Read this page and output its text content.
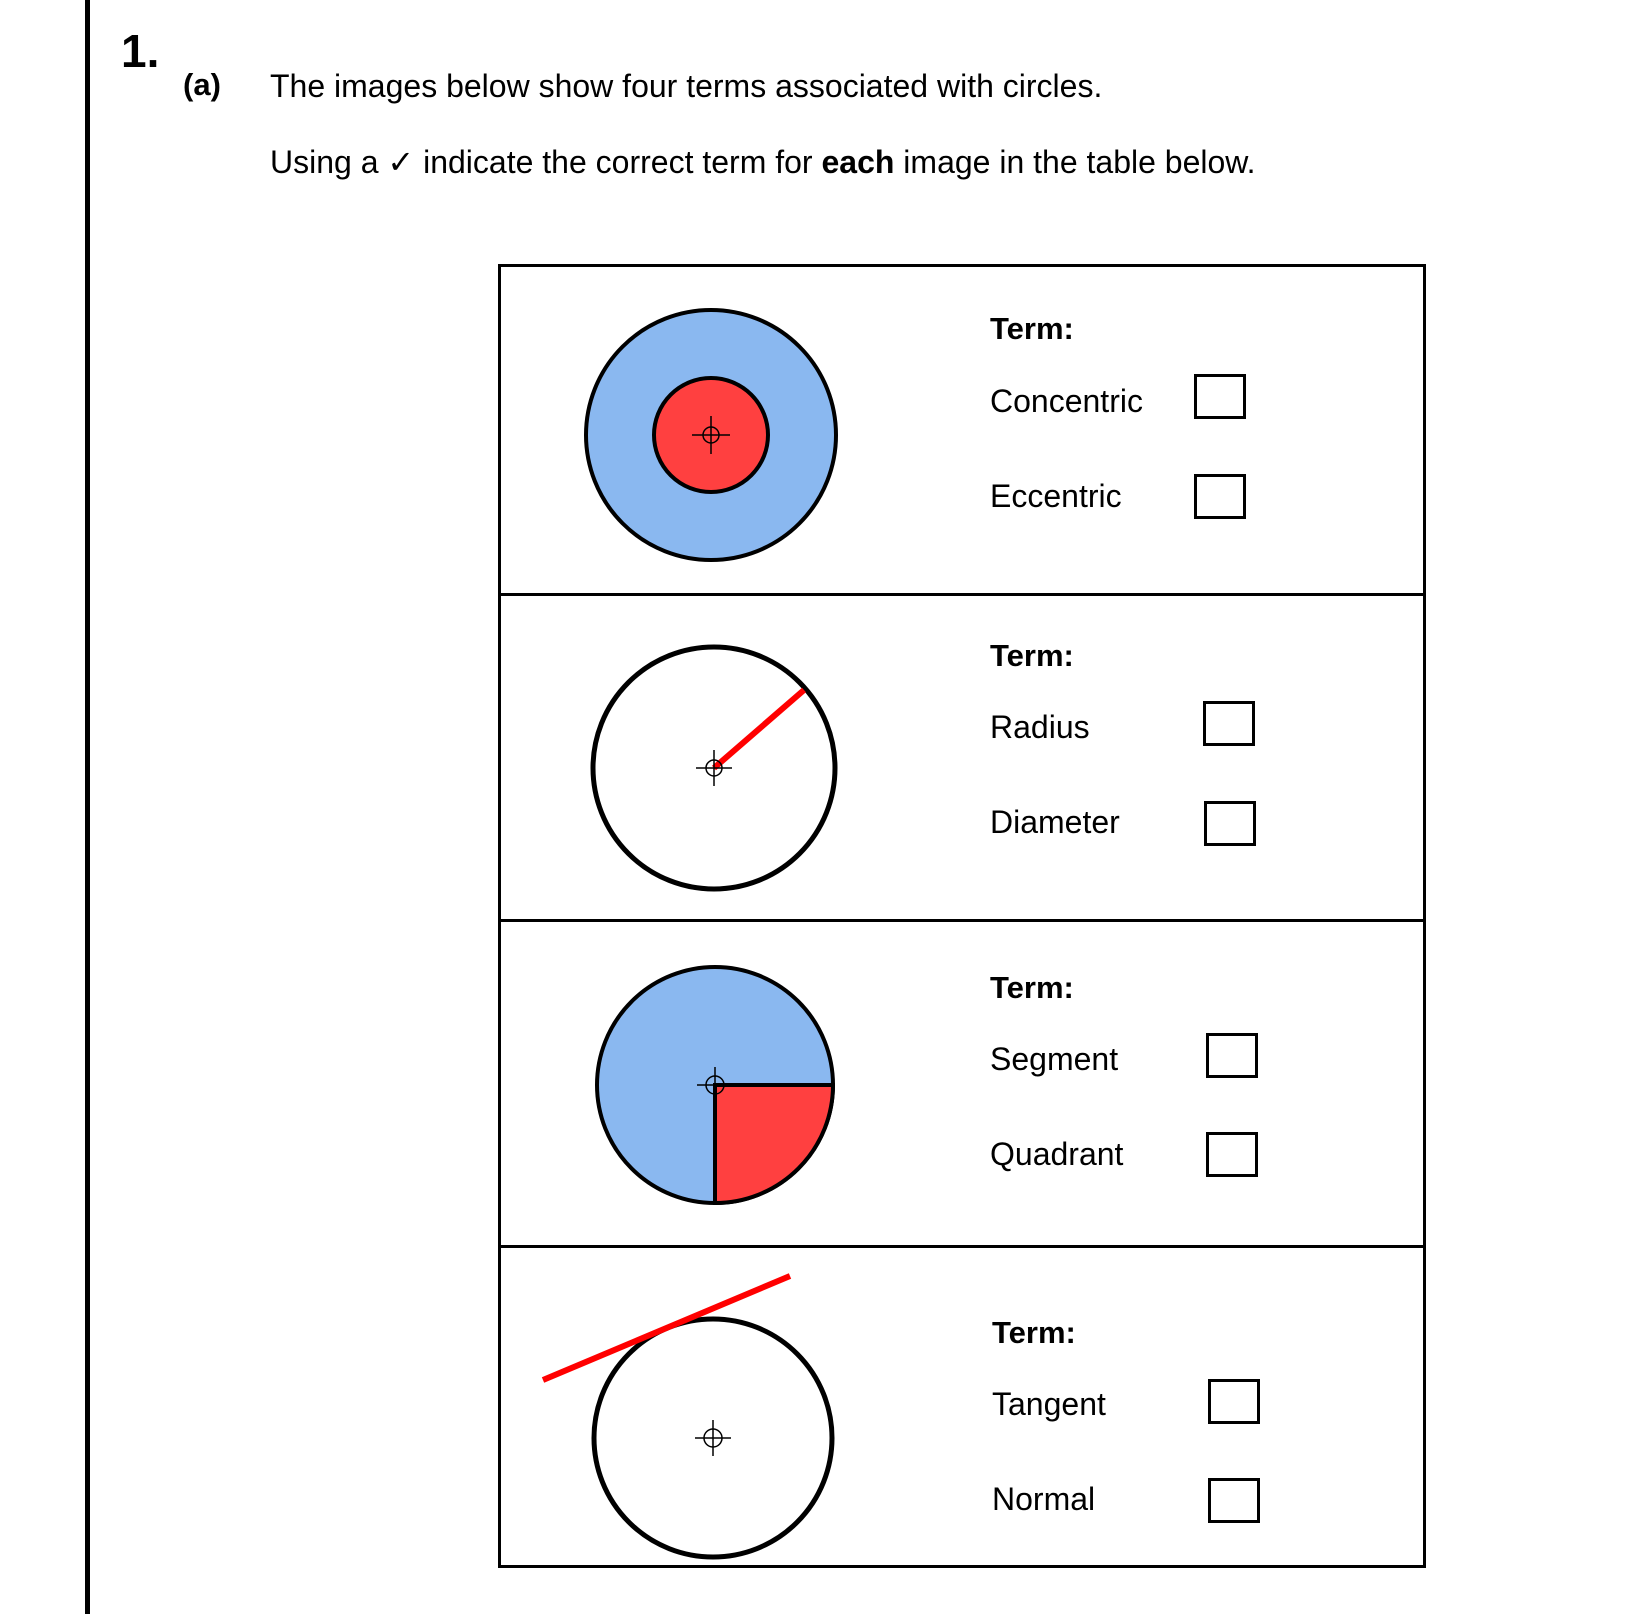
1.
(a) The images below show four terms associated with circles.
Using a ✓ indicate the correct term for each image in the table below.
Term:
Concentric
Eccentric
Term:
Radius
Diameter
Term:
Segment
Quadrant
Term:
Tangent
Normal
